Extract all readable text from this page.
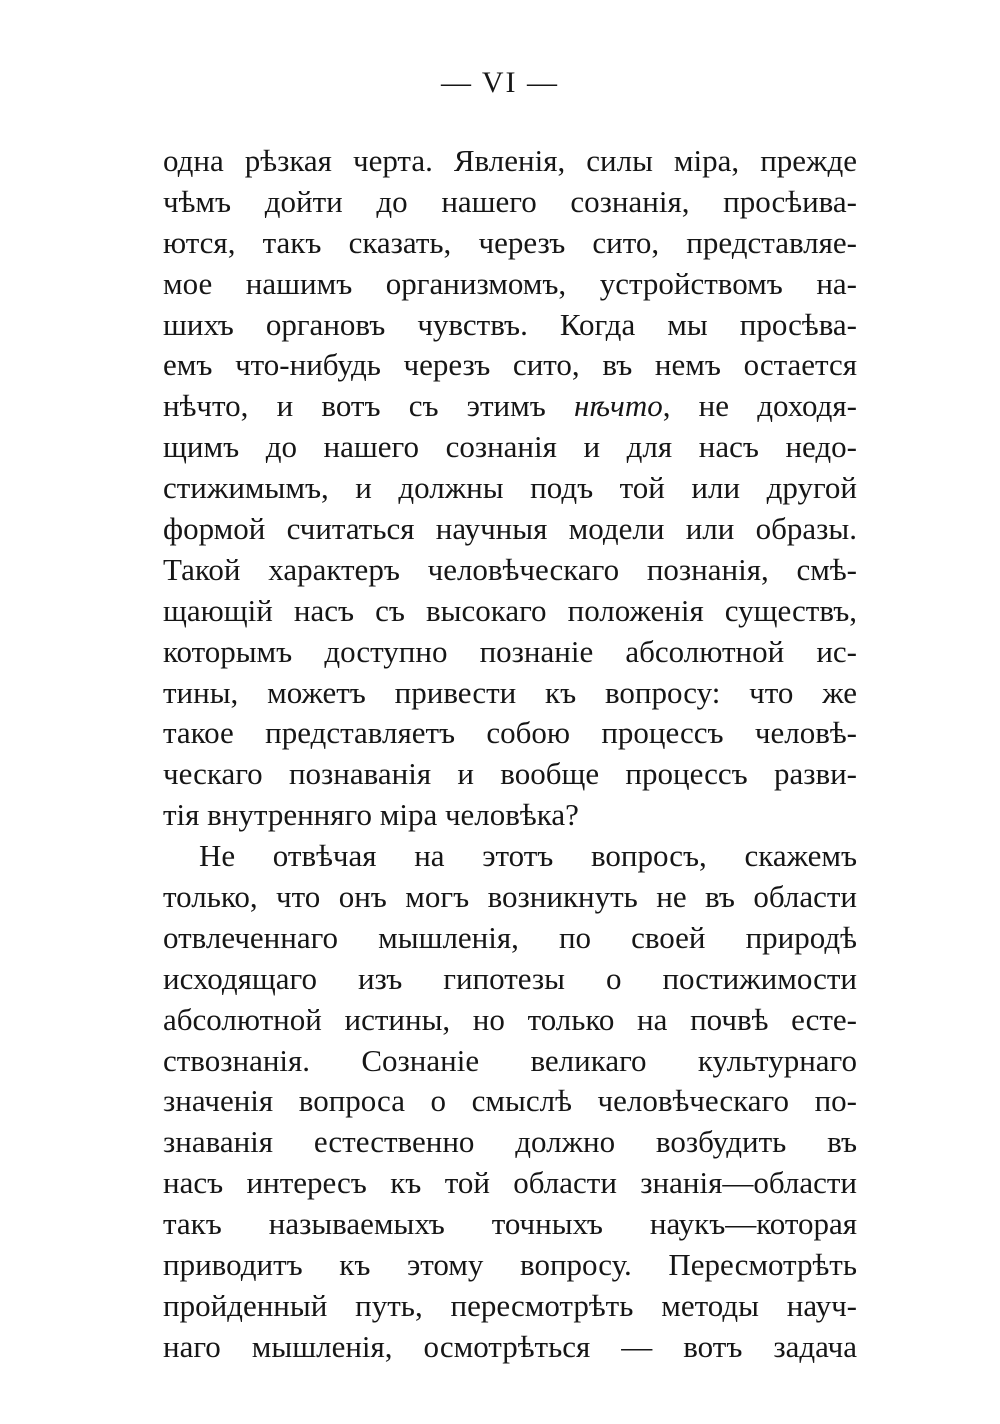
— VI —
одна рѣзкая черта. Явленія, силы міра, прежде
чѣмъ дойти до нашего сознанія, просѣива-
ются, такъ сказать, черезъ сито, представляе-
мое нашимъ организмомъ, устройствомъ на-
шихъ органовъ чувствъ. Когда мы просѣва-
емъ что-нибудь черезъ сито, въ немъ остается
нѣчто, и вотъ съ этимъ нѣчто, не доходя-
щимъ до нашего сознанія и для насъ недо-
стижимымъ, и должны подъ той или другой
формой считаться научныя модели или образы.
Такой характеръ человѣческаго познанія, смѣ-
щающій насъ съ высокаго положенія существъ,
которымъ доступно познаніе абсолютной ис-
тины, можетъ привести къ вопросу: что же
такое представляетъ собою процессъ человѣ-
ческаго познаванія и вообще процессъ разви-
тія внутренняго міра человѣка?
Не отвѣчая на этотъ вопросъ, скажемъ
только, что онъ могъ возникнуть не въ области
отвлеченнаго мышленія, по своей природѣ
исходящаго изъ гипотезы о постижимости
абсолютной истины, но только на почвѣ есте-
ствознанія. Сознаніе великаго культурнаго
значенія вопроса о смыслѣ человѣческаго по-
знаванія естественно должно возбудить въ
насъ интересъ къ той области знанія—области
такъ называемыхъ точныхъ наукъ—которая
приводитъ къ этому вопросу. Пересмотрѣть
пройденный путь, пересмотрѣть методы науч-
наго мышленія, осмотрѣться — вотъ задача
